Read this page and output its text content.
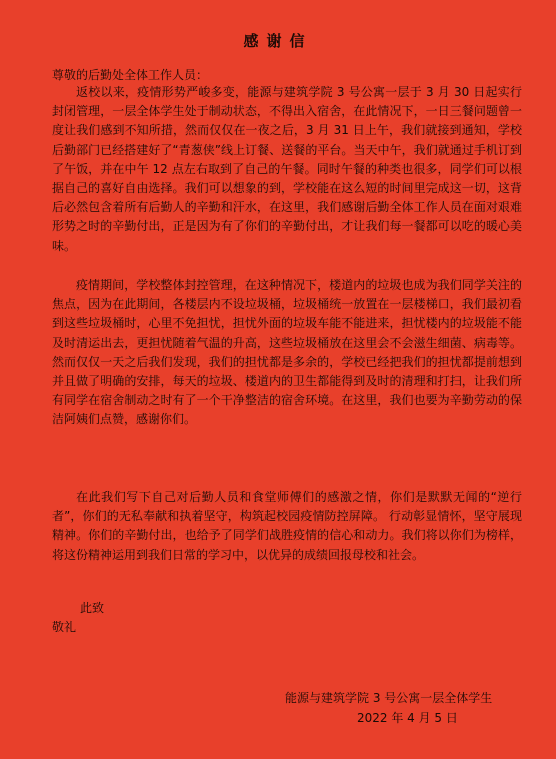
感谢信
尊敬的后勤处全体工作人员：

返校以来，疫情形势严峻多变，能源与建筑学院 3 号公寓一层于 3 月 30 日起实行封闭管理，一层全体学生处于制动状态，不得出入宿舍，在此情况下，一日三餐问题曾一度让我们感到不知所措，然而仅仅在一夜之后，3 月 31 日上午，我们就接到通知，学校后勤部门已经搭建好了“青葱侠”线上订餐、送餐的平台。当天中午，我们就通过手机订到了午饭，并在中午 12 点左右取到了自己的午餐。同时午餐的种类也很多，同学们可以根据自己的喜好自由选择。我们可以想象的到，学校能在这么短的时间里完成这一切，这背后必然包含着所有后勤人的辛勤和汗水，在这里，我们感谢后勤全体工作人员在面对艰难形势之时的辛勤付出，正是因为有了你们的辛勤付出，才让我们每一餐都可以吃的暖心美味。

疫情期间，学校整体封控管理，在这种情况下，楼道内的垃圾也成为我们同学关注的焦点，因为在此期间，各楼层内不设垃圾桶，垃圾桶统一放置在一层楼梯口，我们最初看到这些垃圾桶时，心里不免担忧，担忧外面的垃圾车能不能进来，担忧楼内的垃圾能不能及时清运出去，更担忧随着气温的升高，这些垃圾桶放在这里会不会滋生细菌、病毒等。然而仅仅一天之后我们发现，我们的担忧都是多余的，学校已经把我们的担忧都提前想到并且做了明确的安排，每天的垃圾、楼道内的卫生都能得到及时的清理和打扫，让我们所有同学在宿舍制动之时有了一个干净整洁的宿舍环境。在这里，我们也要为辛勤劳动的保洁阿姨们点赞，感谢你们。

在此我们写下自己对后勤人员和食堂师傅们的感激之情，你们是默默无闻的“逆行者”，你们的无私奉献和执着坚守，构筑起校园疫情防控屏障。 行动彰显情怀，坚守展现精神。你们的辛勤付出，也给予了同学们战胜疫情的信心和动力。我们将以你们为榜样，将这份精神运用到我们日常的学习中，以优异的成绩回报母校和社会。

此致
敬礼
能源与建筑学院 3 号公寓一层全体学生
2022 年 4 月 5 日
